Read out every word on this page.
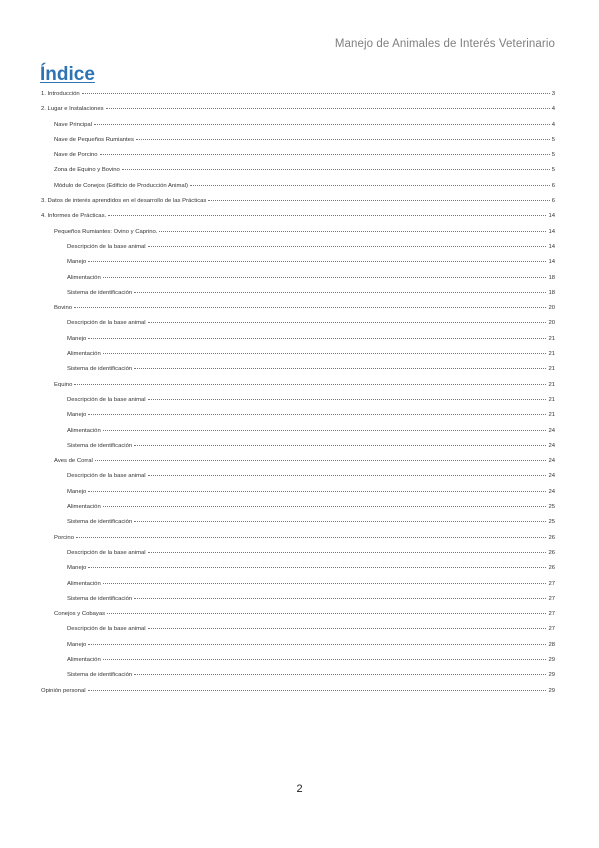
Manejo de Animales de Interés Veterinario
Índice
1. Introducción	3
2. Lugar e Instalaciones	4
Nave Principal	4
Nave de Pequeños Rumiantes	5
Nave de Porcino	5
Zona de Equino y Bovino	5
Módulo de Conejos (Edificio de Producción Animal)	6
3. Datos de interés aprendidos en el desarrollo de las Prácticas	6
4. Informes de Prácticas.	14
Pequeños Rumiantes: Ovino y Caprino.	14
Descripción de la base animal	14
Manejo	14
Alimentación	18
Sistema de identificación	18
Bovino	20
Descripción de la base animal	20
Manejo	21
Alimentación	21
Sistema de identificación	21
Equino	21
Descripción de la base animal	21
Manejo	21
Alimentación	24
Sistema de identificación	24
Aves de Corral	24
Descripción de la base animal	24
Manejo	24
Alimentación	25
Sistema de identificación	25
Porcino	26
Descripción de la base animal	26
Manejo	26
Alimentación	27
Sistema de identificación	27
Conejos y Cobayas	27
Descripción de la base animal	27
Manejo	28
Alimentación	29
Sistema de identificación	29
Opinión personal	29
2
